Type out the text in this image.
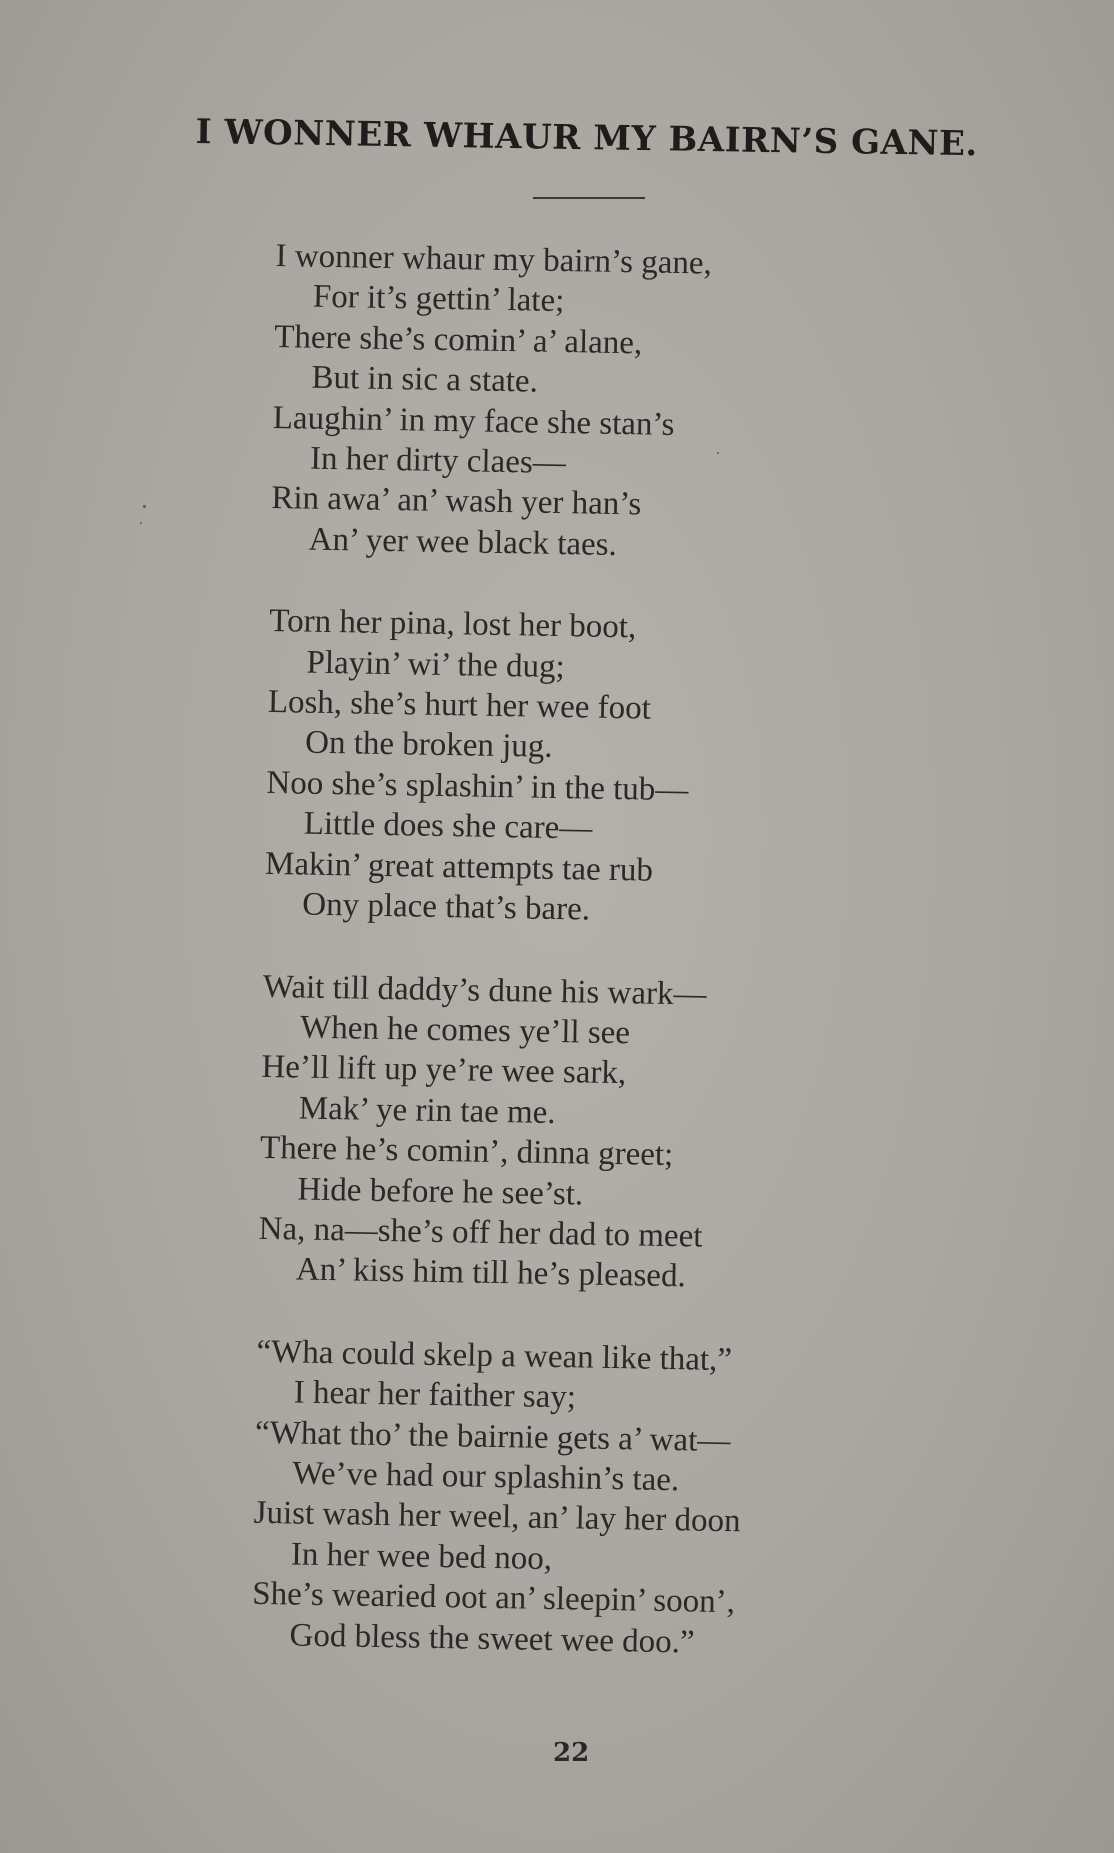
I WONNER WHAUR MY BAIRN’S GANE.
I wonner whaur my bairn’s gane,
For it’s gettin’ late;
There she’s comin’ a’ alane,
But in sic a state.
Laughin’ in my face she stan’s
In her dirty claes—
Rin awa’ an’ wash yer han’s
An’ yer wee black taes.
Torn her pina, lost her boot,
Playin’ wi’ the dug;
Losh, she’s hurt her wee foot
On the broken jug.
Noo she’s splashin’ in the tub—
Little does she care—
Makin’ great attempts tae rub
Ony place that’s bare.
Wait till daddy’s dune his wark—
When he comes ye’ll see
He’ll lift up ye’re wee sark,
Mak’ ye rin tae me.
There he’s comin’, dinna greet;
Hide before he see’st.
Na, na—she’s off her dad to meet
An’ kiss him till he’s pleased.
“Wha could skelp a wean like that,”
I hear her faither say;
“What tho’ the bairnie gets a’ wat—
We’ve had our splashin’s tae.
Juist wash her weel, an’ lay her doon
In her wee bed noo,
She’s wearied oot an’ sleepin’ soon’,
God bless the sweet wee doo.”
22
